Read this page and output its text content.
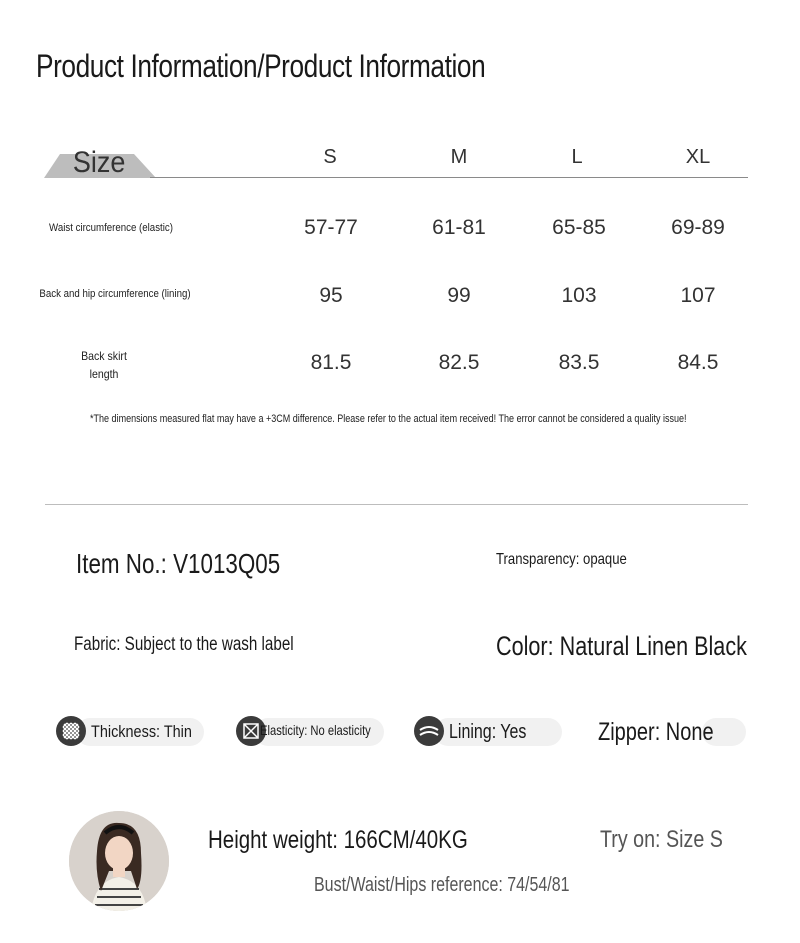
Product Information/Product Information
Size	S	M	L	XL
Waist circumference (elastic)	57-77	61-81	65-85	69-89
Back and hip circumference (lining)	95	99	103	107
Back skirt
length	81.5	82.5	83.5	84.5
*The dimensions measured flat may have a +3CM difference. Please refer to the actual item received! The error cannot be considered a quality issue!
Item No.: V1013Q05	Transparency: opaque
Fabric: Subject to the wash label	Color: Natural Linen Black
Thickness: Thin	Elasticity: No elasticity	Lining: Yes	Zipper: None
Height weight: 166CM/40KG	Try on: Size S
Bust/Waist/Hips reference: 74/54/81
